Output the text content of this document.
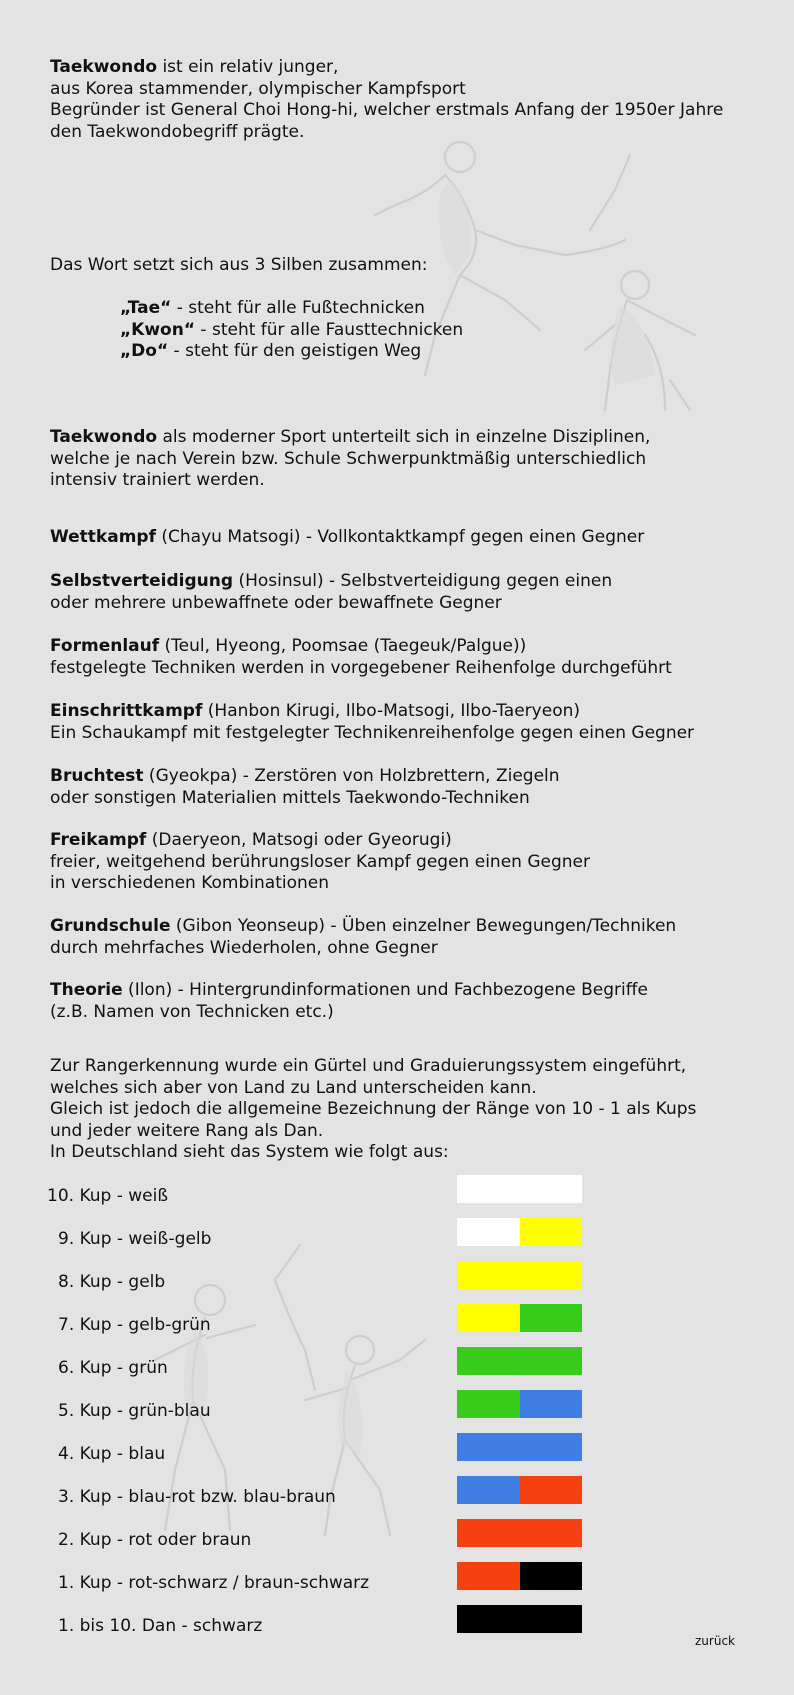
Taekwondo ist ein relativ junger,
aus Korea stammender, olympischer Kampfsport
Begründer ist General Choi Hong-hi, welcher erstmals Anfang der 1950er Jahre
den Taekwondobegriff prägte.
Das Wort setzt sich aus 3 Silben zusammen:
„Tae“ - steht für alle Fußtechnicken
„Kwon“ - steht für alle Fausttechnicken
„Do“ - steht für den geistigen Weg
Taekwondo als moderner Sport unterteilt sich in einzelne Disziplinen,
welche je nach Verein bzw. Schule Schwerpunktmäßig unterschiedlich
intensiv trainiert werden.
Wettkampf (Chayu Matsogi) - Vollkontaktkampf gegen einen Gegner
Selbstverteidigung (Hosinsul) - Selbstverteidigung gegen einen
oder mehrere unbewaffnete oder bewaffnete Gegner
Formenlauf (Teul, Hyeong, Poomsae (Taegeuk/Palgue))
festgelegte Techniken werden in vorgegebener Reihenfolge durchgeführt
Einschrittkampf (Hanbon Kirugi, Ilbo-Matsogi, Ilbo-Taeryeon)
Ein Schaukampf mit festgelegter Technikenreihenfolge gegen einen Gegner
Bruchtest (Gyeokpa) - Zerstören von Holzbrettern, Ziegeln
oder sonstigen Materialien mittels Taekwondo-Techniken
Freikampf (Daeryeon, Matsogi oder Gyeorugi)
freier, weitgehend berührungsloser Kampf gegen einen Gegner
in verschiedenen Kombinationen
Grundschule (Gibon Yeonseup) - Üben einzelner Bewegungen/Techniken
durch mehrfaches Wiederholen, ohne Gegner
Theorie (Ilon) - Hintergrundinformationen und Fachbezogene Begriffe
(z.B. Namen von Technicken etc.)
Zur Rangerkennung wurde ein Gürtel und Graduierungssystem eingeführt,
welches sich aber von Land zu Land unterscheiden kann.
Gleich ist jedoch die allgemeine Bezeichnung der Ränge von 10 - 1 als Kups
und jeder weitere Rang als Dan.
In Deutschland sieht das System wie folgt aus:
10. Kup - weiß
9. Kup - weiß-gelb
8. Kup - gelb
7. Kup - gelb-grün
6. Kup - grün
5. Kup - grün-blau
4. Kup - blau
3. Kup - blau-rot bzw. blau-braun
2. Kup - rot oder braun
1. Kup - rot-schwarz / braun-schwarz
1. bis 10. Dan - schwarz
zurück
